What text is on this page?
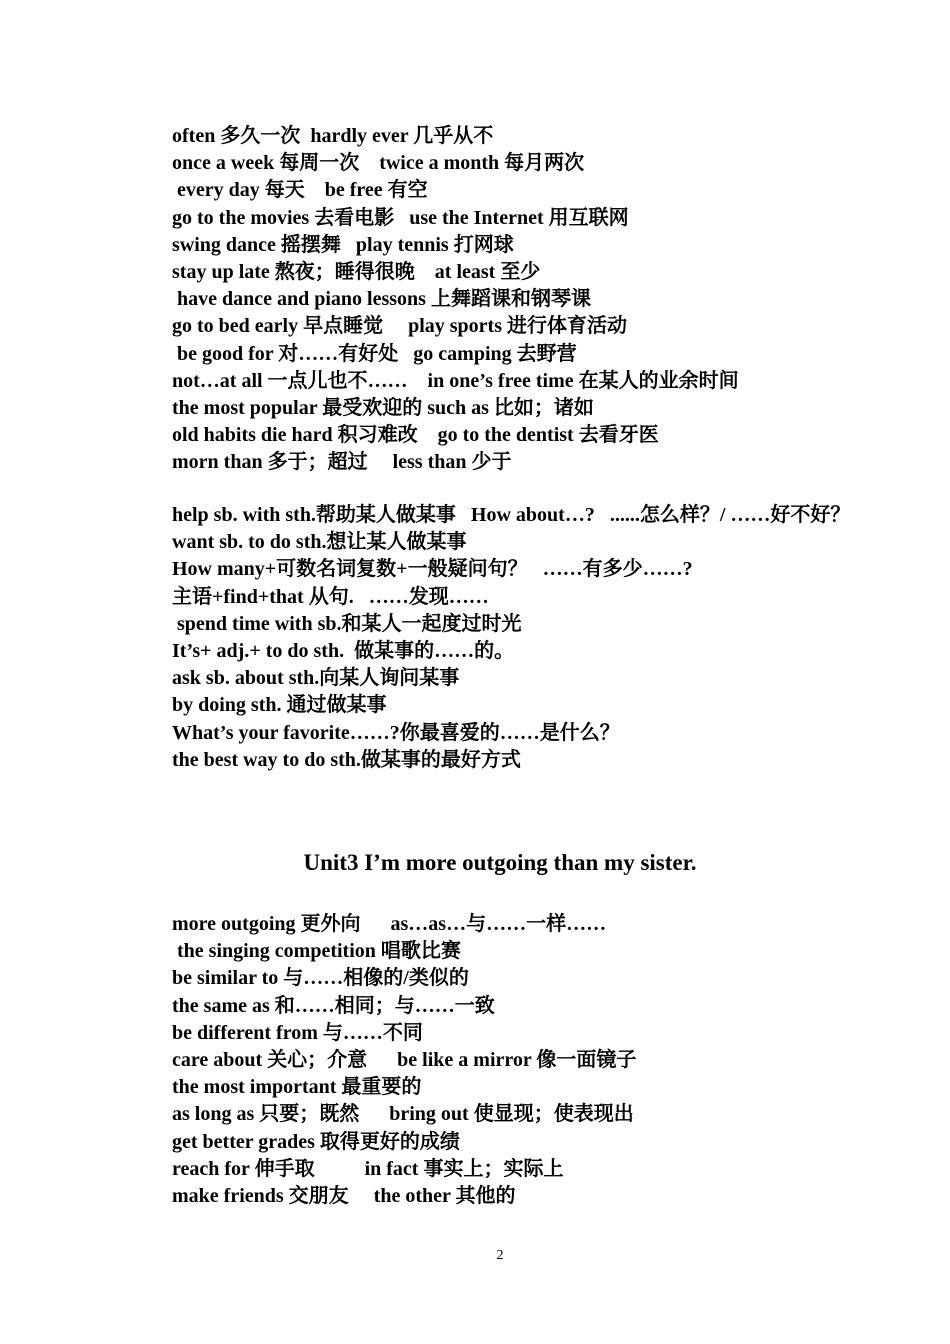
often 多久一次  hardly ever 几乎从不
once a week 每周一次    twice a month 每月两次
every day 每天    be free 有空
go to the movies 去看电影   use the Internet 用互联网
swing dance 摇摆舞   play tennis 打网球
stay up late 熬夜；睡得很晚    at least 至少
have dance and piano lessons 上舞蹈课和钢琴课
go to bed early 早点睡觉     play sports 进行体育活动
be good for 对……有好处   go camping 去野营
not…at all 一点儿也不……    in one’s free time 在某人的业余时间
the most popular 最受欢迎的 such as 比如；诸如
old habits die hard 积习难改    go to the dentist 去看牙医
morn than 多于；超过     less than 少于
help sb. with sth.帮助某人做某事   How about…?   ......怎么样？/ ……好不好？
want sb. to do sth.想让某人做某事
How many+可数名词复数+一般疑问句？   ……有多少……?
主语+find+that 从句.   ……发现……
spend time with sb.和某人一起度过时光
It’s+ adj.+ to do sth.  做某事的……的。
ask sb. about sth.向某人询问某事
by doing sth. 通过做某事
What’s your favorite……?你最喜爱的……是什么？
the best way to do sth.做某事的最好方式
Unit3 I’m more outgoing than my sister.
more outgoing 更外向      as…as…与……一样……
the singing competition 唱歌比赛
be similar to 与……相像的/类似的
the same as 和……相同；与……一致
be different from 与……不同
care about 关心；介意      be like a mirror 像一面镜子
the most important 最重要的
as long as 只要；既然      bring out 使显现；使表现出
get better grades 取得更好的成绩
reach for 伸手取          in fact 事实上；实际上
make friends 交朋友     the other 其他的
2
